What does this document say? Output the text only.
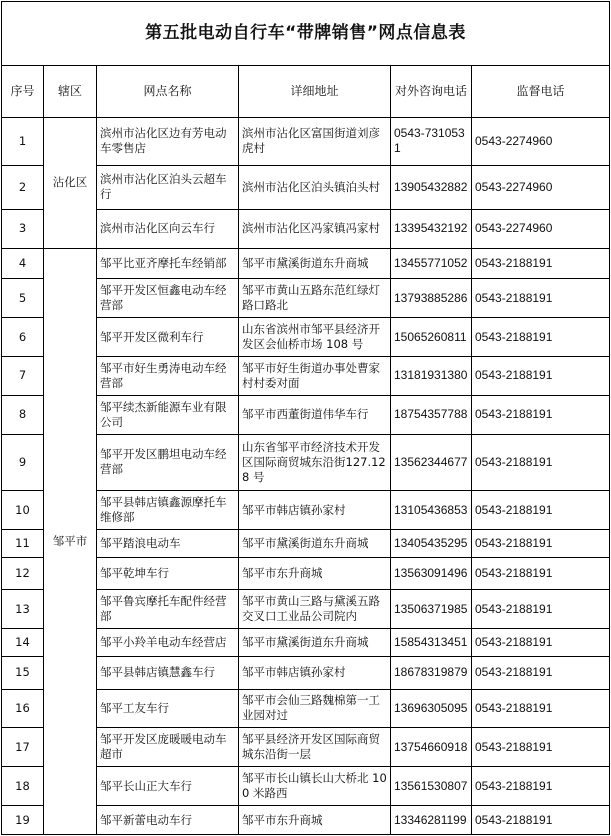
第五批电动自行车“带牌销售”网点信息表					
序号	辖区	网点名称	详细地址	对外咨询电话	监督电话
1	沾化区	滨州市沾化区边有芳电动车零售店	滨州市沾化区富国街道刘彦虎村	0543-7310531	0543-2274960
2		滨州市沾化区泊头云超车行	滨州市沾化区泊头镇泊头村	13905432882	0543-2274960
3		滨州市沾化区向云车行	滨州市沾化区冯家镇冯家村	13395432192	0543-2274960
4	邹平市	邹平比亚齐摩托车经销部	邹平市黛溪街道东升商城	13455771052	0543-2188191
5		邹平开发区恒鑫电动车经营部	邹平市黄山五路东范红绿灯路口路北	13793885286	0543-2188191
6		邹平开发区微利车行	山东省滨州市邹平县经济开发区会仙桥市场 108 号	15065260811	0543-2188191
7		邹平市好生勇涛电动车经营部	邹平市好生街道办事处曹家村村委对面	13181931380	0543-2188191
8		邹平续杰新能源车业有限公司	邹平市西董街道伟华车行	18754357788	0543-2188191
9		邹平开发区鹏坦电动车经营部	山东省邹平市经济技术开发区国际商贸城东沿街127.128 号	13562344677	0543-2188191
10		邹平县韩店镇鑫源摩托车维修部	邹平市韩店镇孙家村	13105436853	0543-2188191
11		邹平踏浪电动车	邹平市黛溪街道东升商城	13405435295	0543-2188191
12		邹平乾坤车行	邹平市东升商城	13563091496	0543-2188191
13		邹平鲁宾摩托车配件经营部	邹平市黄山三路与黛溪五路交叉口工业品公司院内	13506371985	0543-2188191
14		邹平小羚羊电动车经营店	邹平市黛溪街道东升商城	15854313451	0543-2188191
15		邹平县韩店镇慧鑫车行	邹平市韩店镇孙家村	18678319879	0543-2188191
16		邹平工友车行	邹平市会仙三路魏棉第一工业园对过	13696305095	0543-2188191
17		邹平开发区庞暖暖电动车超市	邹平县经济开发区国际商贸城东沿街一层	13754660918	0543-2188191
18		邹平长山正大车行	邹平市长山镇长山大桥北 100 米路西	13561530807	0543-2188191
19		邹平新蕾电动车行	邹平市东升商城	13346281199	0543-2188191
